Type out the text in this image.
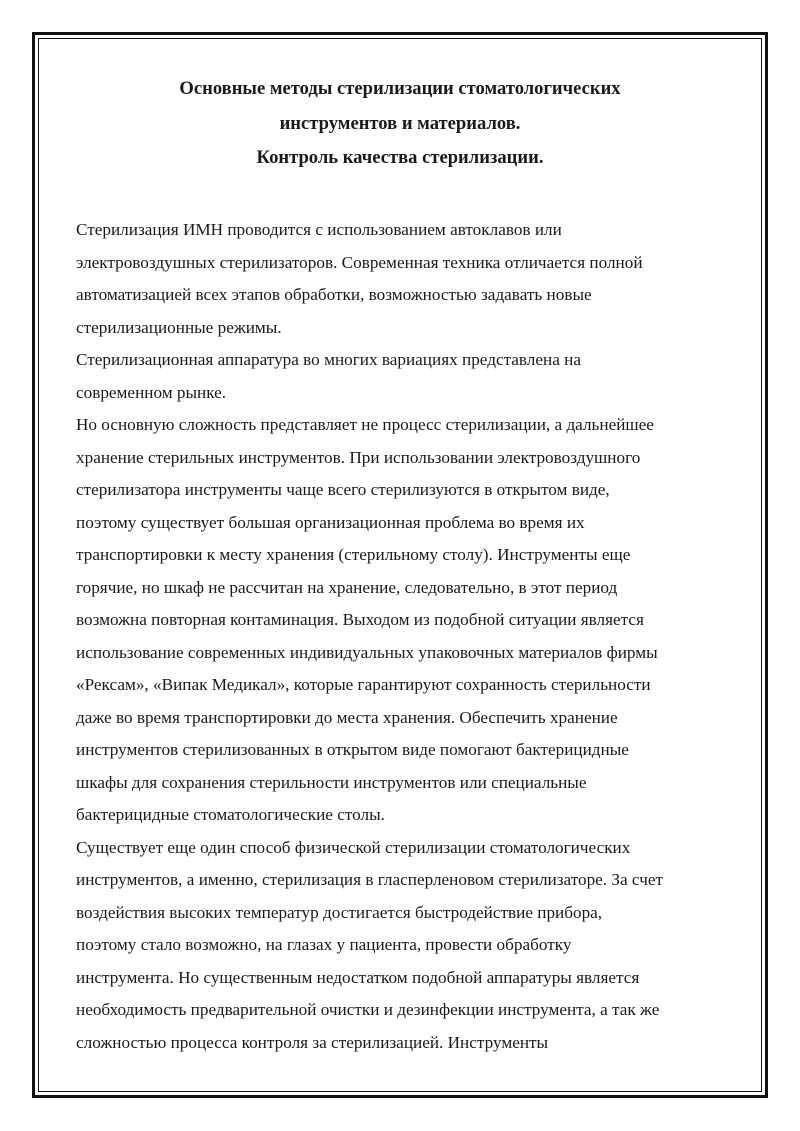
Основные методы стерилизации стоматологических
инструментов и материалов.
Контроль качества стерилизации.
Стерилизация ИМН проводится с использованием автоклавов или
электровоздушных стерилизаторов. Современная техника отличается полной
автоматизацией всех этапов обработки, возможностью задавать новые
стерилизационные режимы.
Стерилизационная аппаратура во многих вариациях представлена на
современном рынке.
Но основную сложность представляет не процесс стерилизации, а дальнейшее
хранение стерильных инструментов. При использовании электровоздушного
стерилизатора инструменты чаще всего стерилизуются в открытом виде,
поэтому существует большая организационная проблема во время их
транспортировки к месту хранения (стерильному столу). Инструменты еще
горячие, но шкаф не рассчитан на хранение, следовательно, в этот период
возможна повторная контаминация. Выходом из подобной ситуации является
использование современных индивидуальных упаковочных материалов фирмы
«Рексам», «Випак Медикал», которые гарантируют сохранность стерильности
даже во время транспортировки до места хранения. Обеспечить хранение
инструментов стерилизованных в открытом виде помогают бактерицидные
шкафы для сохранения стерильности инструментов или специальные
бактерицидные стоматологические столы.
Существует еще один способ физической стерилизации стоматологических
инструментов, а именно, стерилизация в гласперленовом стерилизаторе. За счет
воздействия высоких температур достигается быстродействие прибора,
поэтому стало возможно, на глазах у пациента, провести обработку
инструмента. Но существенным недостатком подобной аппаратуры является
необходимость предварительной очистки и дезинфекции инструмента, а так же
сложностью процесса контроля за стерилизацией. Инструменты
